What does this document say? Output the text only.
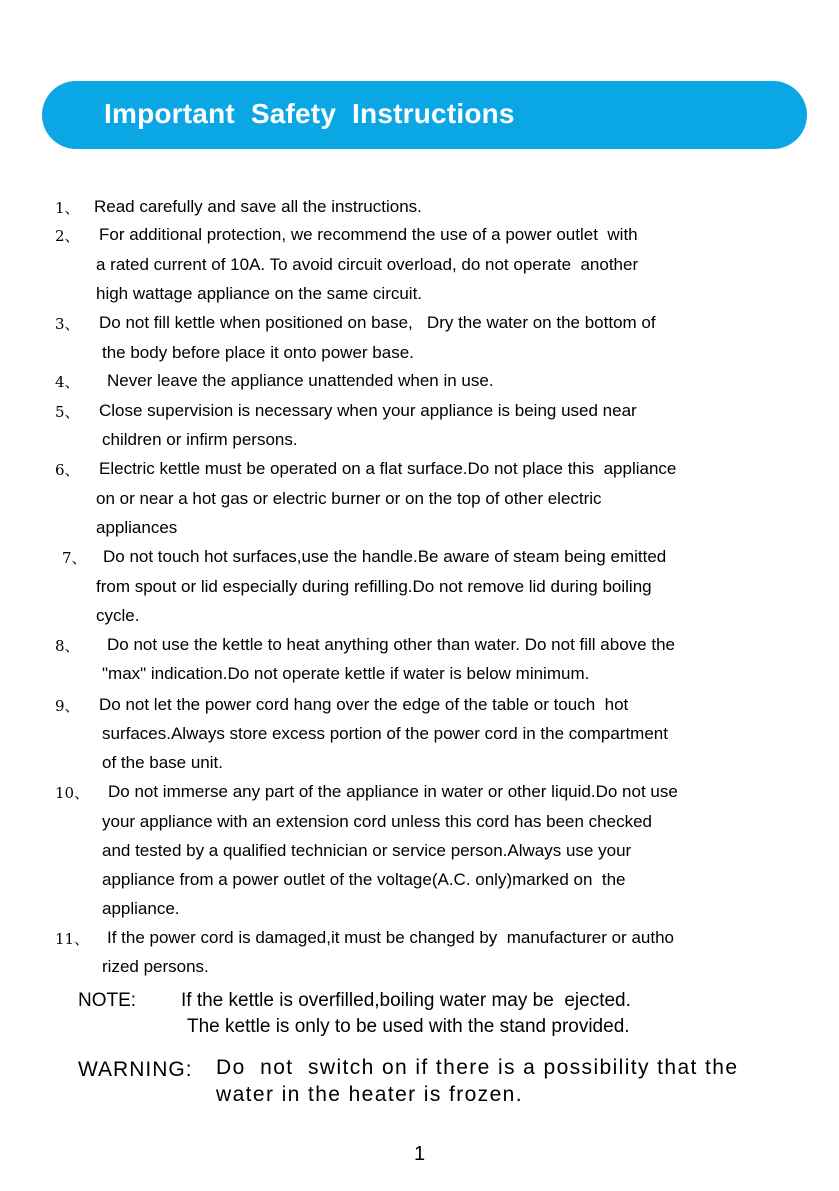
Important  Safety  Instructions
1、 Read carefully and save all the instructions.
2、 For additional protection, we recommend the use of a power outlet  with
a rated current of 10A. To avoid circuit overload, do not operate  another
high wattage appliance on the same circuit.
3、 Do not fill kettle when positioned on base,   Dry the water on the bottom of
the body before place it onto power base.
4、 Never leave the appliance unattended when in use.
5、 Close supervision is necessary when your appliance is being used near
children or infirm persons.
6、 Electric kettle must be operated on a flat surface.Do not place this  appliance
on or near a hot gas or electric burner or on the top of other electric
appliances
7、 Do not touch hot surfaces,use the handle.Be aware of steam being emitted
from spout or lid especially during refilling.Do not remove lid during boiling
cycle.
8、 Do not use the kettle to heat anything other than water. Do not fill above the
"max" indication.Do not operate kettle if water is below minimum.
9、 Do not let the power cord hang over the edge of the table or touch  hot
surfaces.Always store excess portion of the power cord in the compartment
of the base unit.
10、 Do not immerse any part of the appliance in water or other liquid.Do not use
your appliance with an extension cord unless this cord has been checked
and tested by a qualified technician or service person.Always use your
appliance from a power outlet of the voltage(A.C. only)marked on  the
appliance.
11、 If the power cord is damaged,it must be changed by  manufacturer or autho
rized persons.
NOTE: If the kettle is overfilled,boiling water may be  ejected.
The kettle is only to be used with the stand provided.
WARNING: Do  not  switch on if there is a possibility that the
water in the heater is frozen.
1
